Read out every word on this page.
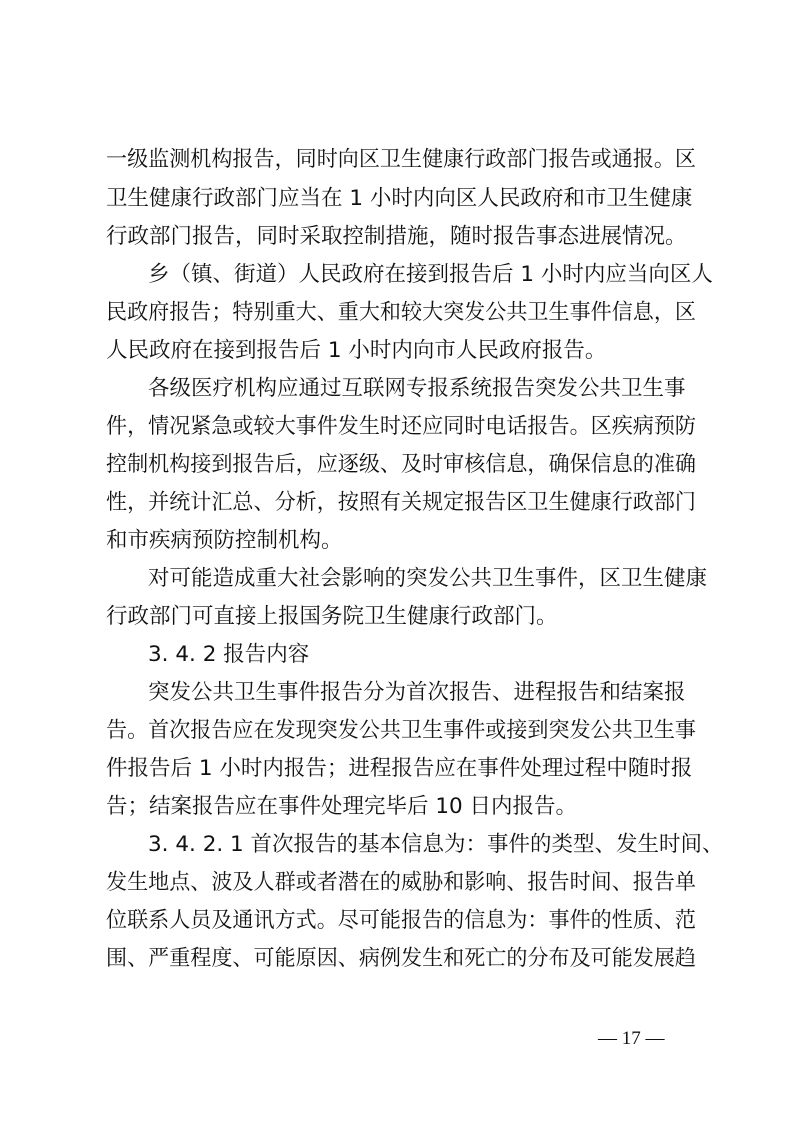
一级监测机构报告，同时向区卫生健康行政部门报告或通报。区
卫生健康行政部门应当在 1 小时内向区人民政府和市卫生健康
行政部门报告，同时采取控制措施，随时报告事态进展情况。
乡（镇、街道）人民政府在接到报告后 1 小时内应当向区人
民政府报告；特别重大、重大和较大突发公共卫生事件信息，区
人民政府在接到报告后 1 小时内向市人民政府报告。
各级医疗机构应通过互联网专报系统报告突发公共卫生事
件，情况紧急或较大事件发生时还应同时电话报告。区疾病预防
控制机构接到报告后，应逐级、及时审核信息，确保信息的准确
性，并统计汇总、分析，按照有关规定报告区卫生健康行政部门
和市疾病预防控制机构。
对可能造成重大社会影响的突发公共卫生事件，区卫生健康
行政部门可直接上报国务院卫生健康行政部门。
3. 4. 2 报告内容
突发公共卫生事件报告分为首次报告、进程报告和结案报
告。首次报告应在发现突发公共卫生事件或接到突发公共卫生事
件报告后 1 小时内报告；进程报告应在事件处理过程中随时报
告；结案报告应在事件处理完毕后 10 日内报告。
3. 4. 2. 1 首次报告的基本信息为：事件的类型、发生时间、
发生地点、波及人群或者潜在的威胁和影响、报告时间、报告单
位联系人员及通讯方式。尽可能报告的信息为：事件的性质、范
围、严重程度、可能原因、病例发生和死亡的分布及可能发展趋
— 17 —
